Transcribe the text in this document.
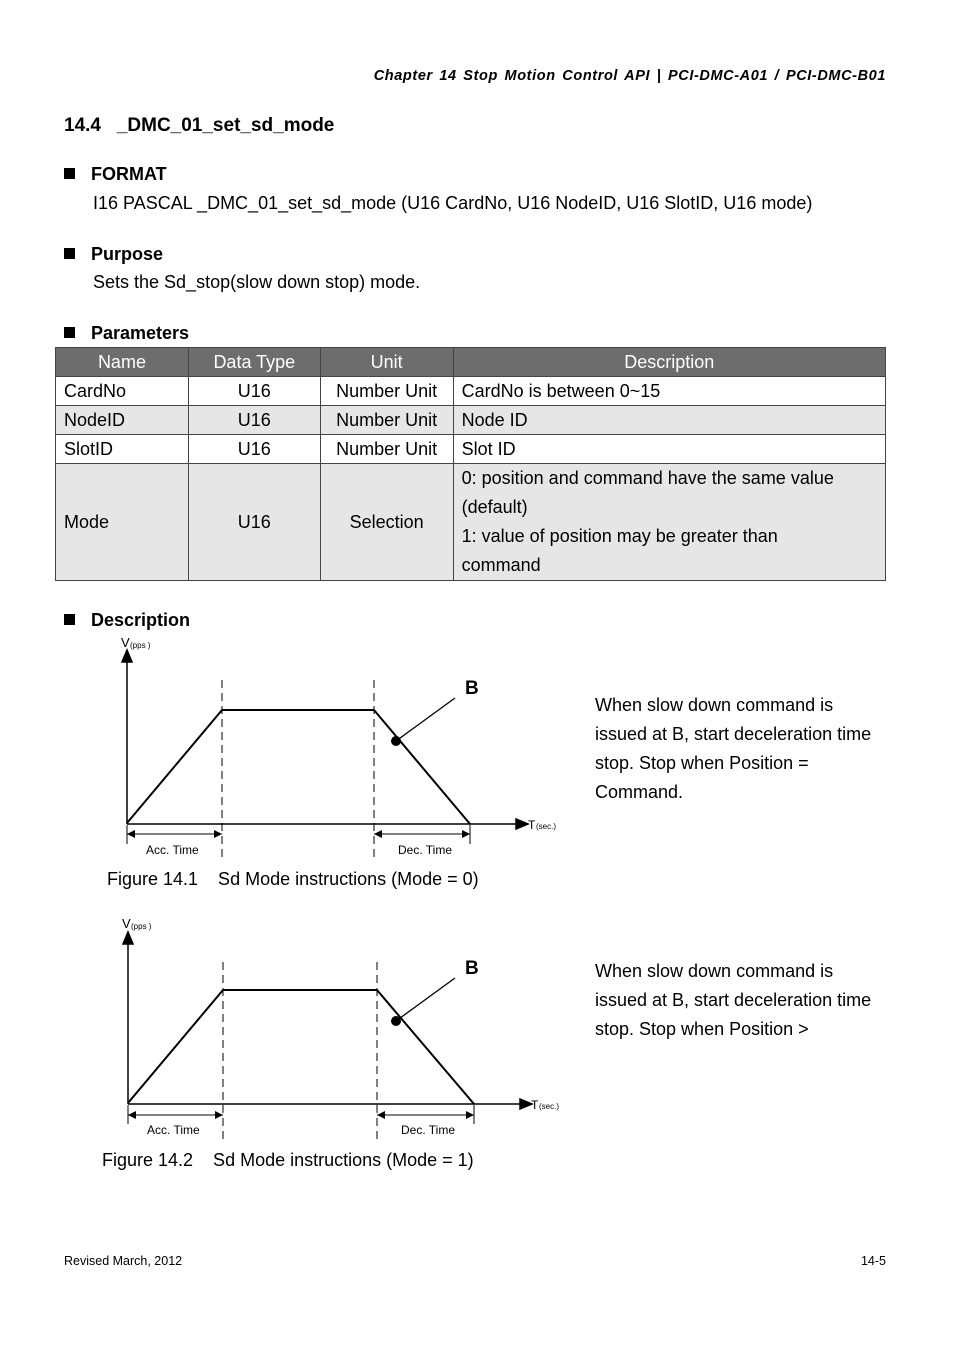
Chapter 14 Stop Motion Control API | PCI-DMC-A01 / PCI-DMC-B01
14.4 _DMC_01_set_sd_mode
FORMAT
I16 PASCAL _DMC_01_set_sd_mode (U16 CardNo, U16 NodeID, U16 SlotID, U16 mode)
Purpose
Sets the Sd_stop(slow down stop) mode.
Parameters
Name	Data Type	Unit	Description
CardNo	U16	Number Unit	CardNo is between 0~15
NodeID	U16	Number Unit	Node ID
SlotID	U16	Number Unit	Slot ID
Mode	U16	Selection	0: position and command have the same value
(default)
1: value of position may be greater than
command
Description
V (pps )
T (sec.)
B
Acc. Time	Dec. Time
Figure 14.1    Sd Mode instructions (Mode = 0)
When slow down command is
issued at B, start deceleration time
stop. Stop when Position =
Command.
V (pps )
T (sec.)
B
Acc. Time	Dec. Time
Figure 14.2    Sd Mode instructions (Mode = 1)
When slow down command is
issued at B, start deceleration time
stop. Stop when Position >
Revised March, 2012	14-5
